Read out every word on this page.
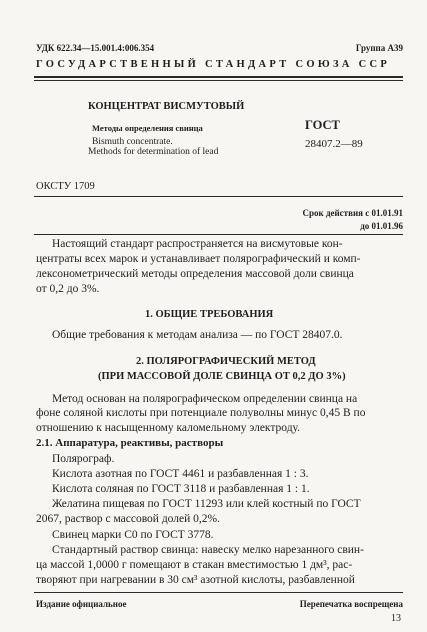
УДК 622.34—15.001.4:006.354	Группа А39
ГОСУДАРСТВЕННЫЙ СТАНДАРТ СОЮЗА ССР
КОНЦЕНТРАТ ВИСМУТОВЫЙ
Методы определения свинца
Bismuth concentrate.
Methods for determination of lead
ГОСТ
28407.2—89
ОКСТУ 1709
Срок действия с 01.01.91
до 01.01.96
Настоящий стандарт распространяется на висмутовые кон-
центраты всех марок и устанавливает полярографический и комп-
лексонометрический методы определения массовой доли свинца
от 0,2 до 3%.
1. ОБЩИЕ ТРЕБОВАНИЯ
Общие требования к методам анализа — по ГОСТ 28407.0.
2. ПОЛЯРОГРАФИЧЕСКИЙ МЕТОД
(ПРИ МАССОВОЙ ДОЛЕ СВИНЦА ОТ 0,2 ДО 3%)
Метод основан на полярографическом определении свинца на
фоне соляной кислоты при потенциале полуволны минус 0,45 В по
отношению к насыщенному каломельному электроду.
2.1. Аппаратура, реактивы, растворы
Полярограф.
Кислота азотная по ГОСТ 4461 и разбавленная 1 : 3.
Кислота соляная по ГОСТ 3118 и разбавленная 1 : 1.
Желатина пищевая по ГОСТ 11293 или клей костный по ГОСТ
2067, раствор с массовой долей 0,2%.
Свинец марки С0 по ГОСТ 3778.
Стандартный раствор свинца: навеску мелко нарезанного свин-
ца массой 1,0000 г помещают в стакан вместимостью 1 дм³, рас-
творяют при нагревании в 30 см³ азотной кислоты, разбавленной
Издание официальное	Перепечатка воспрещена
13
